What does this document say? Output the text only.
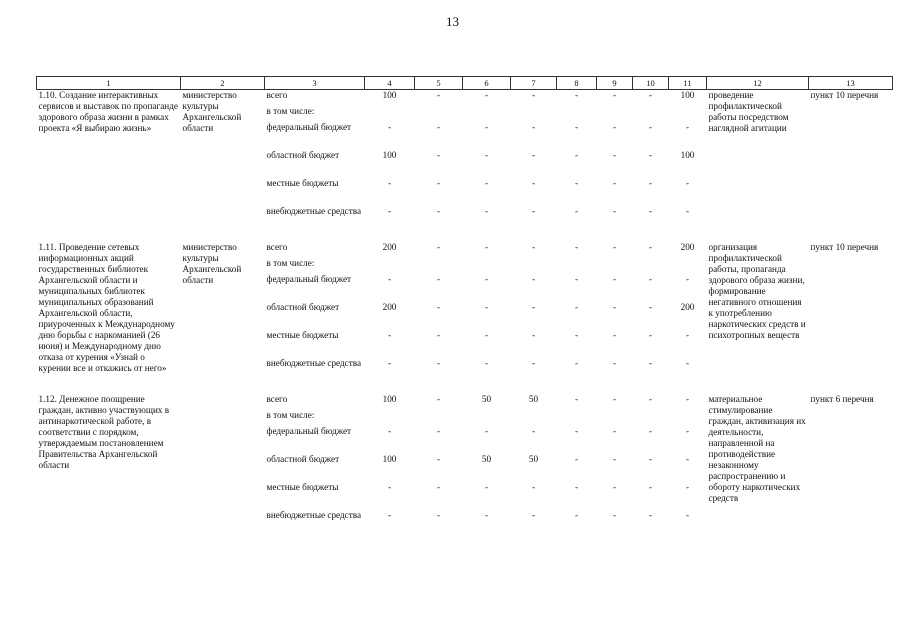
13
1	2	3	4	5	6	7	8	9	10	11	12	13
1.10. Создание интерактивных сервисов и выставок по пропаганде здорового образа жизни в рамках проекта «Я выбираю жизнь»	министерство культуры Архангельской области	всего	100	-	-	-	-	-	-	100	проведение профилактической работы посредством наглядной агитации	пункт 10 перечня
		в том числе:										
		федеральный бюджет	-	-	-	-	-	-	-	-		
		областной бюджет	100	-	-	-	-	-	-	100		
		местные бюджеты	-	-	-	-	-	-	-	-		
		внебюджетные средства	-	-	-	-	-	-	-	-		

1.11. Проведение сетевых информационных акций государственных библиотек Архангельской области и муниципальных библиотек муниципальных образований Архангельской области, приуроченных к Международному дню борьбы с наркоманией (26 июня) и Международному дню отказа от курения «Узнай о курении все и откажись от него»	министерство культуры Архангельской области	всего	200	-	-	-	-	-	-	200	организация профилактической работы, пропаганда здорового образа жизни, формирование негативного отношения к употреблению наркотических средств и психотропных веществ	пункт 10 перечня
		в том числе:										
		федеральный бюджет	-	-	-	-	-	-	-	-		
		областной бюджет	200	-	-	-	-	-	-	200		
		местные бюджеты	-	-	-	-	-	-	-	-		
		внебюджетные средства	-	-	-	-	-	-	-	-		

1.12. Денежное поощрение граждан, активно участвующих в антинаркотической работе, в соответствии с порядком, утверждаемым постановлением Правительства Архангельской области		всего	100	-	50	50	-	-	-	-	материальное стимулирование граждан, активизация их деятельности, направленной на противодействие незаконному распространению и обороту наркотических средств	пункт 6 перечня
		в том числе:										
		федеральный бюджет	-	-	-	-	-	-	-	-		
		областной бюджет	100	-	50	50	-	-	-	-		
		местные бюджеты	-	-	-	-	-	-	-	-		
		внебюджетные средства	-	-	-	-	-	-	-	-		
